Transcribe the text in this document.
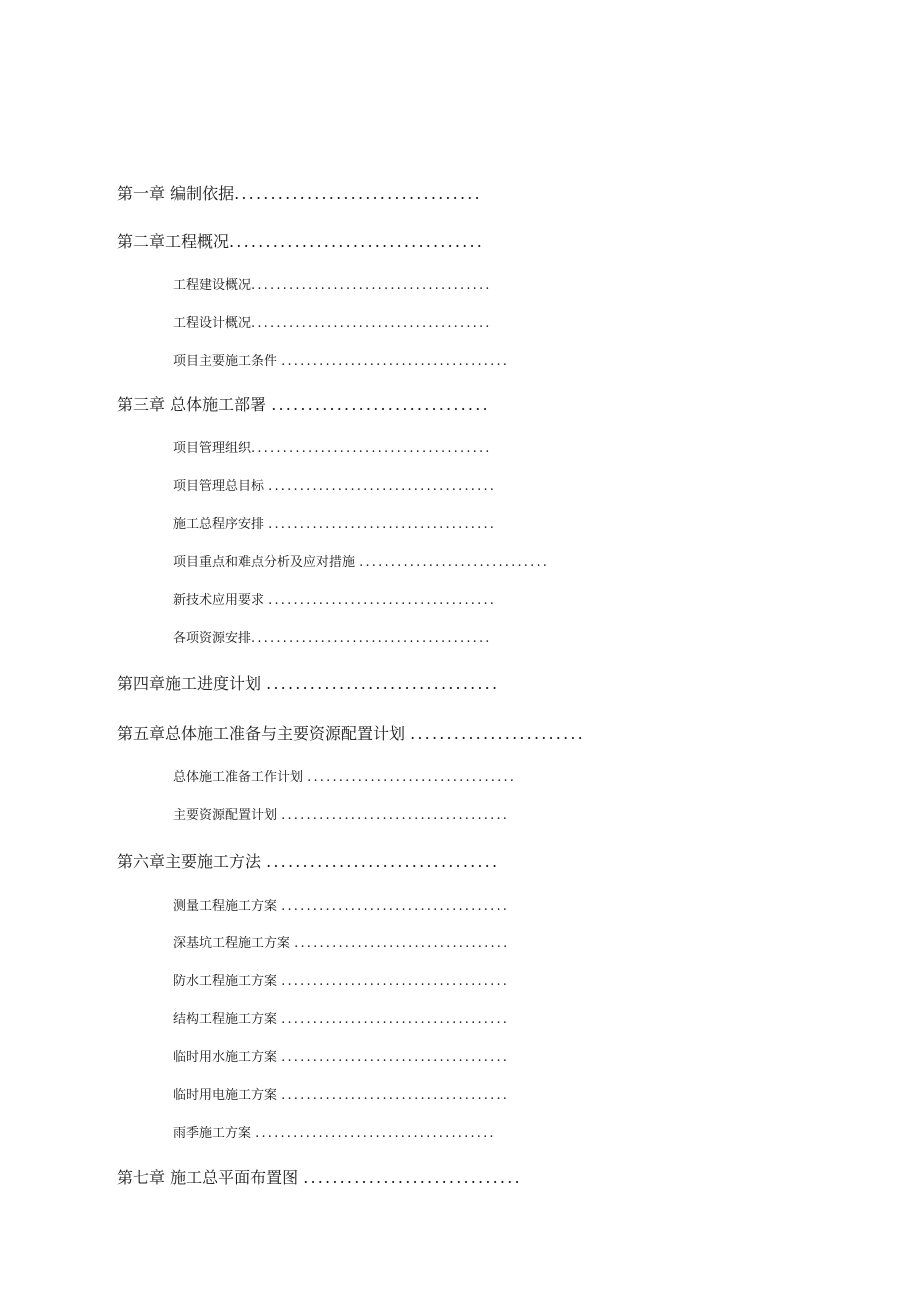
第一章 编制依据..................................
第二章工程概况...................................
工程建设概况......................................
工程设计概况......................................
项目主要施工条件 ....................................
第三章 总体施工部署 ..............................
项目管理组织......................................
项目管理总目标 ....................................
施工总程序安排 ....................................
项目重点和难点分析及应对措施 ..............................
新技术应用要求 ....................................
各项资源安排......................................
第四章施工进度计划 ................................
第五章总体施工准备与主要资源配置计划 ........................
总体施工准备工作计划 .................................
主要资源配置计划 ....................................
第六章主要施工方法 ................................
测量工程施工方案 ....................................
深基坑工程施工方案 ..................................
防水工程施工方案 ....................................
结构工程施工方案 ....................................
临时用水施工方案 ....................................
临时用电施工方案 ....................................
雨季施工方案 ......................................
第七章 施工总平面布置图 ..............................
